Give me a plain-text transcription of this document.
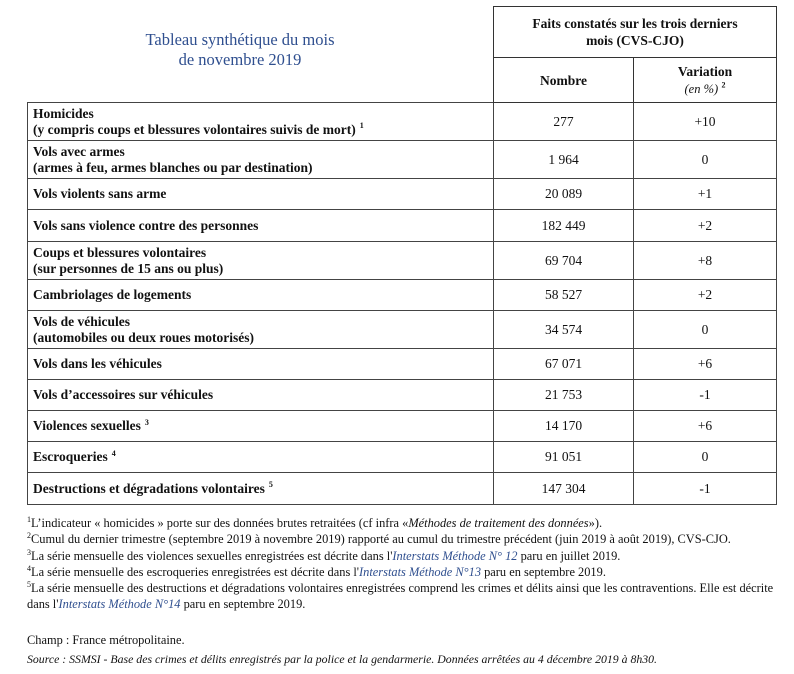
Tableau synthétique du mois
de novembre 2019

	Faits constatés sur les trois derniers
mois (CVS-CJO)	

	Nombre	Variation
(en %) $^2$

Homicides
(y compris coups et blessures volontaires suivis de mort) $^1$	277	+10

Vols avec armes
(armes à feu, armes blanches ou par destination)	1 964	0

Vols violents sans arme	20 089	+1

Vols sans violence contre des personnes	182 449	+2

Coups et blessures volontaires
(sur personnes de 15 ans ou plus)	69 704	+8

Cambriolages de logements	58 527	+2

Vols de véhicules
(automobiles ou deux roues motorisés)	34 574	0

Vols dans les véhicules	67 071	+6

Vols d’accessoires sur véhicules	21 753	-1
Violences sexuelles $^3$	14 170	+6
Escroqueries $^4$	91 051	0
Destructions et dégradations volontaires $^5$	147 304	-1

$^1$L’indicateur « homicides » porte sur des données brutes retraitées (cf infra «Méthodes de traitement des données»).

$^2$Cumul du dernier trimestre (septembre 2019 à novembre 2019) rapporté au cumul du trimestre précédent (juin 2019 à août 2019), CVS-CJO.

$^3$La série mensuelle des violences sexuelles enregistrées est décrite dans l'Interstats Méthode N° 12 paru en juillet 2019.

$^4$La série mensuelle des escroqueries enregistrées est décrite dans l'Interstats Méthode N°13 paru en septembre 2019.

$^5$La série mensuelle des destructions et dégradations volontaires enregistrées comprend les crimes et délits ainsi que les contraventions. Elle est décrite dans l'Interstats Méthode N°14 paru en septembre 2019.

Champ : France métropolitaine.
Source : SSMSI - Base des crimes et délits enregistrés par la police et la gendarmerie. Données arrêtées au 4 décembre 2019 à 8h30.
